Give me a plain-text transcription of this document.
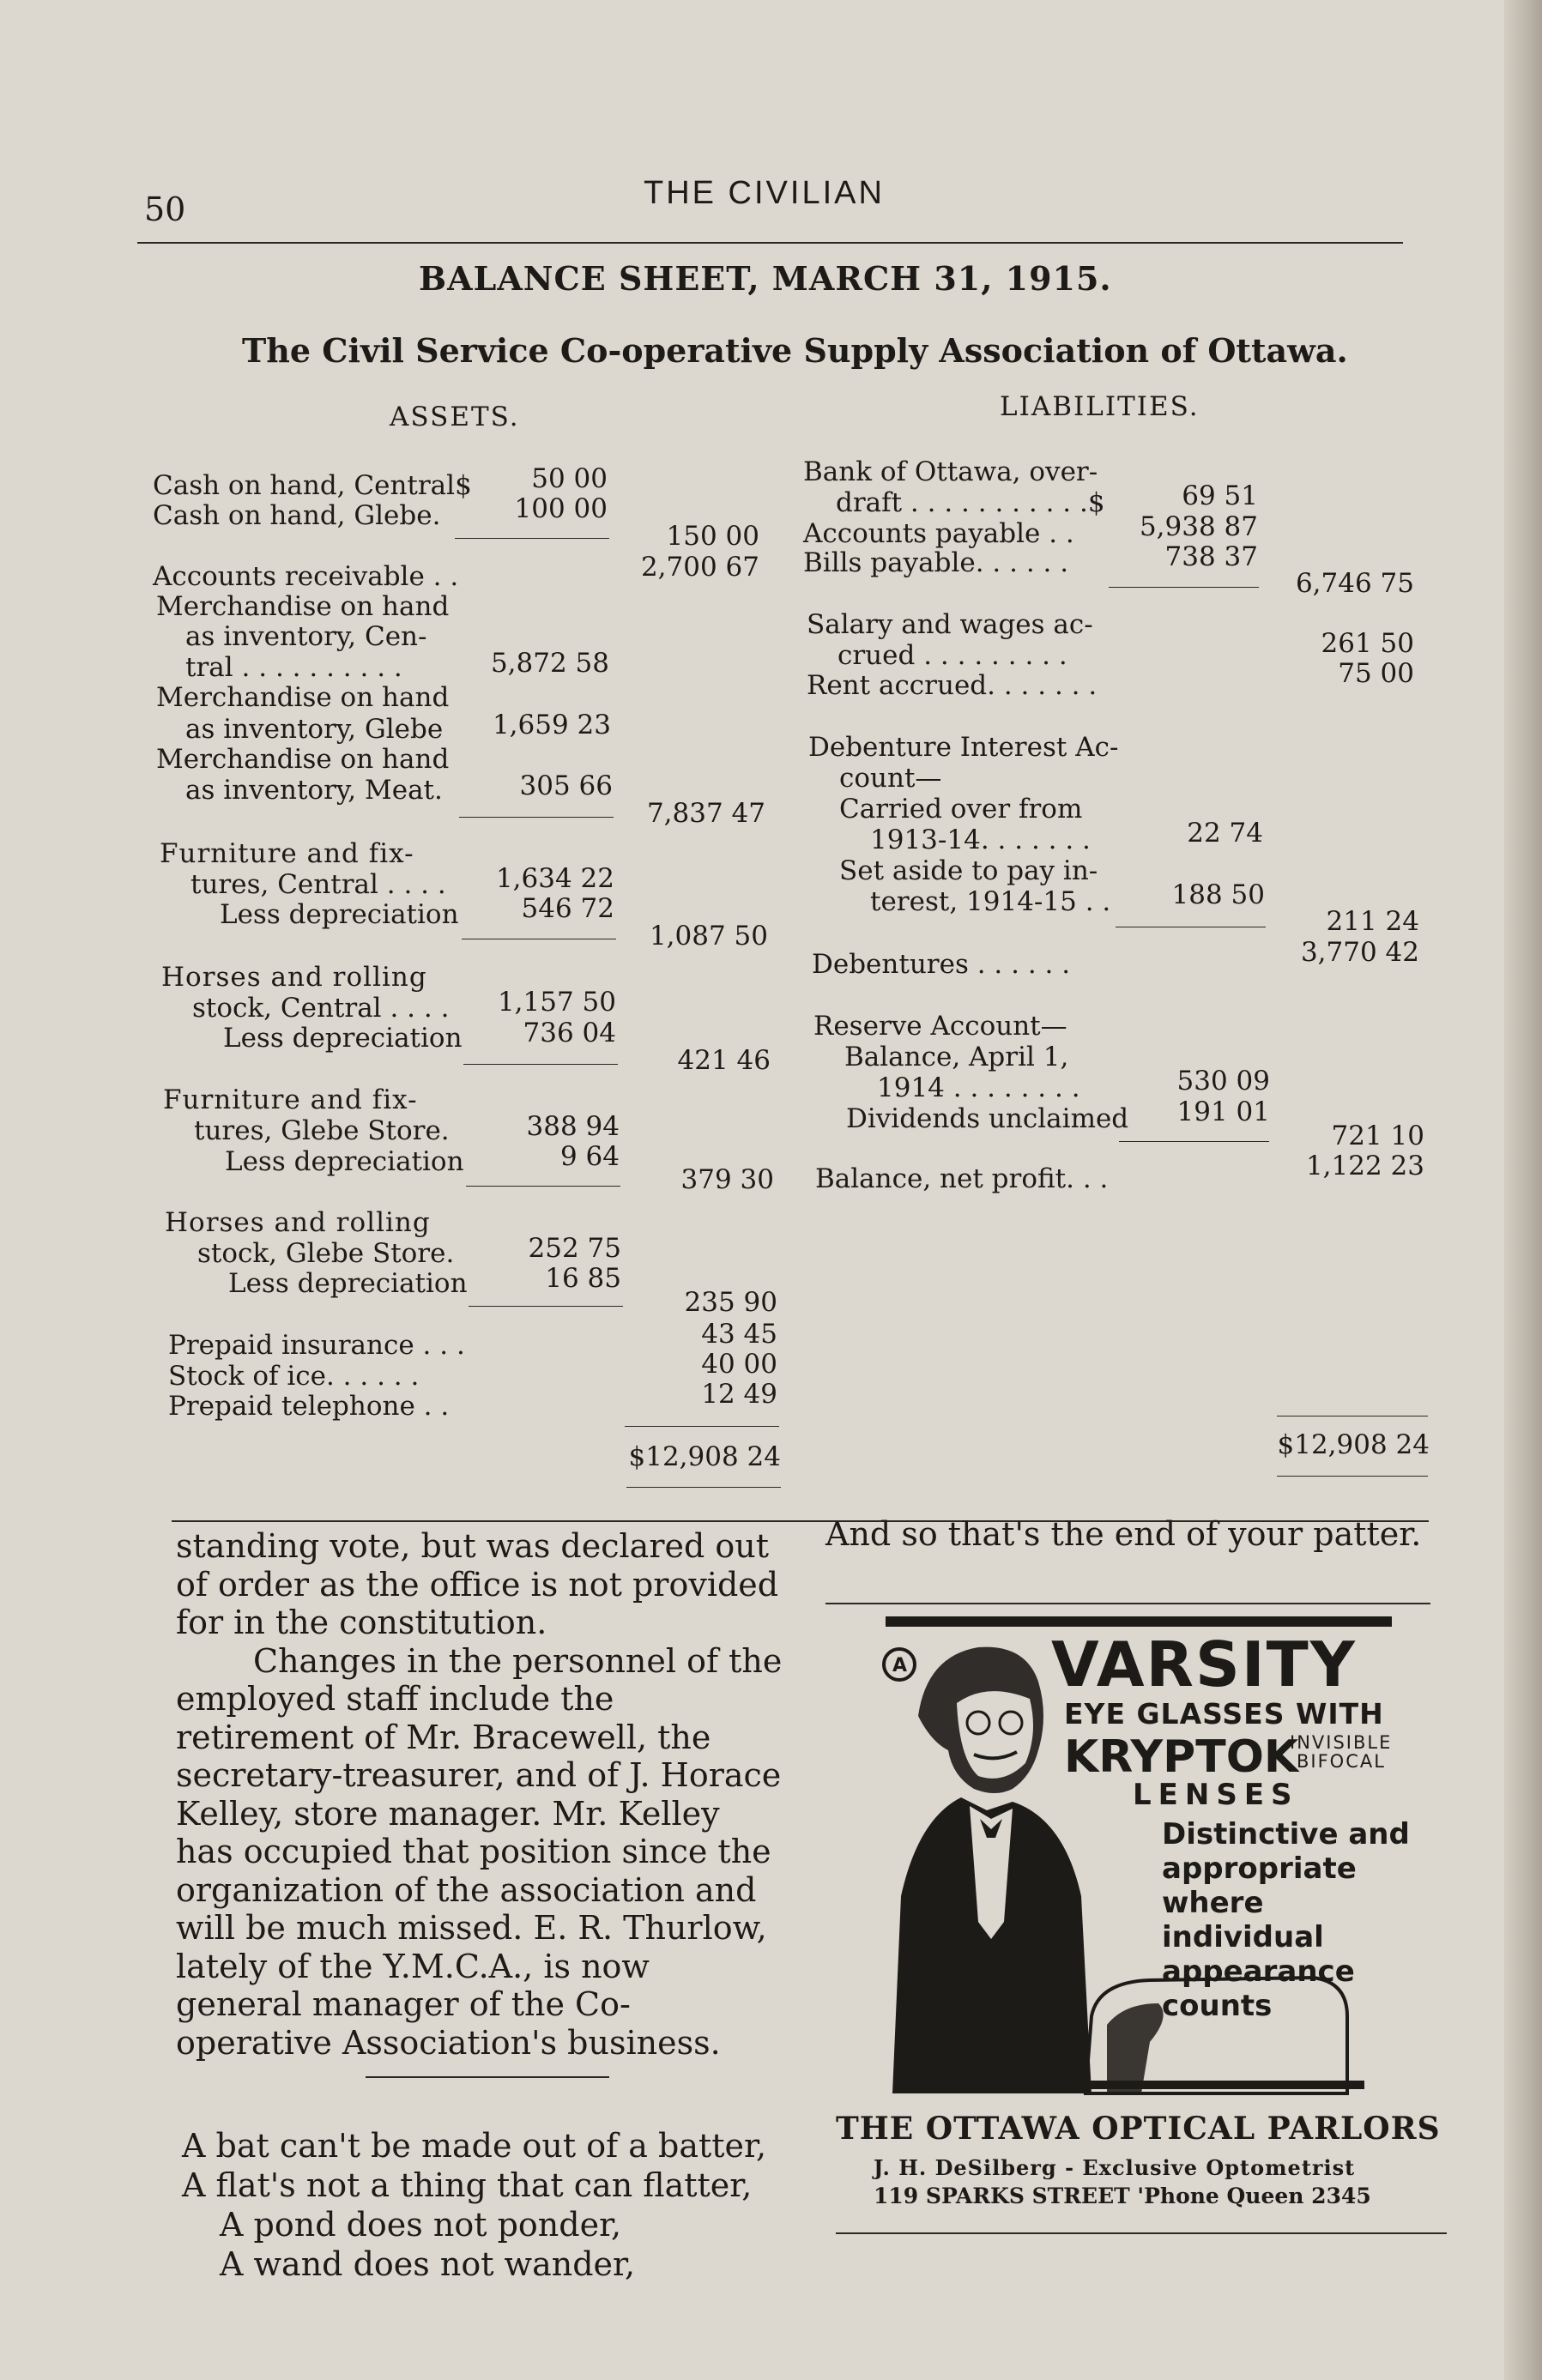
50	THE CIVILIAN
BALANCE SHEET, MARCH 31, 1915.
The Civil Service Co-operative Supply Association of Ottawa.
ASSETS.	LIABILITIES.
Cash on hand, Central$	50 00
Cash on hand, Glebe.	100 00
150 00
Accounts receivable . .	2,700 67
Merchandise on hand
as inventory, Cen-
tral . . . . . . . . . .	5,872 58
Merchandise on hand
as inventory, Glebe	1,659 23
Merchandise on hand
as inventory, Meat.	305 66
7,837 47
Furniture and fix-
tures, Central . . . .	1,634 22
Less depreciation	546 72
1,087 50
Horses and rolling
stock, Central . . . .	1,157 50
Less depreciation	736 04
421 46
Furniture and fix-
tures, Glebe Store.	388 94
Less depreciation	9 64
379 30
Horses and rolling
stock, Glebe Store.	252 75
Less depreciation	16 85
235 90
Prepaid insurance . . .	43 45
Stock of ice. . . . . .	40 00
Prepaid telephone . .	12 49
$12,908 24
Bank of Ottawa, over-
draft . . . . . . . . . . .$	69 51
Accounts payable . .	5,938 87
Bills payable. . . . . .	738 37
6,746 75
Salary and wages ac-
crued . . . . . . . . .	261 50
Rent accrued. . . . . . .	75 00
Debenture Interest Ac-
count—
Carried over from
1913-14. . . . . . .	22 74
Set aside to pay in-
terest, 1914-15 . .	188 50
211 24
Debentures . . . . . .	3,770 42
Reserve Account—
Balance, April 1,
1914 . . . . . . . .	530 09
Dividends unclaimed	191 01
721 10
Balance, net profit. . .	1,122 23
$12,908 24

standing vote, but was declared out of order as the office is not provided for in the constitution.

Changes in the personnel of the employed staff include the retirement of Mr. Bracewell, the secretary-treasurer, and of J. Horace Kelley, store manager. Mr. Kelley has occupied that position since the organization of the association and will be much missed. E. R. Thurlow, lately of the Y.M.C.A., is now general manager of the Co-operative Association's business.

A bat can't be made out of a batter,

A flat's not a thing that can flatter,

A pond does not ponder,

A wand does not wander,

And so that's the end of your patter.

A VARSITY
EYE GLASSES WITH
KRYPTOK
INVISIBLE
BIFOCAL
LENSES
Distinctive and appropriate where individual appearance counts
THE OTTAWA OPTICAL PARLORS
J. H. DeSilberg - Exclusive Optometrist
119 SPARKS STREET 'Phone Queen 2345
